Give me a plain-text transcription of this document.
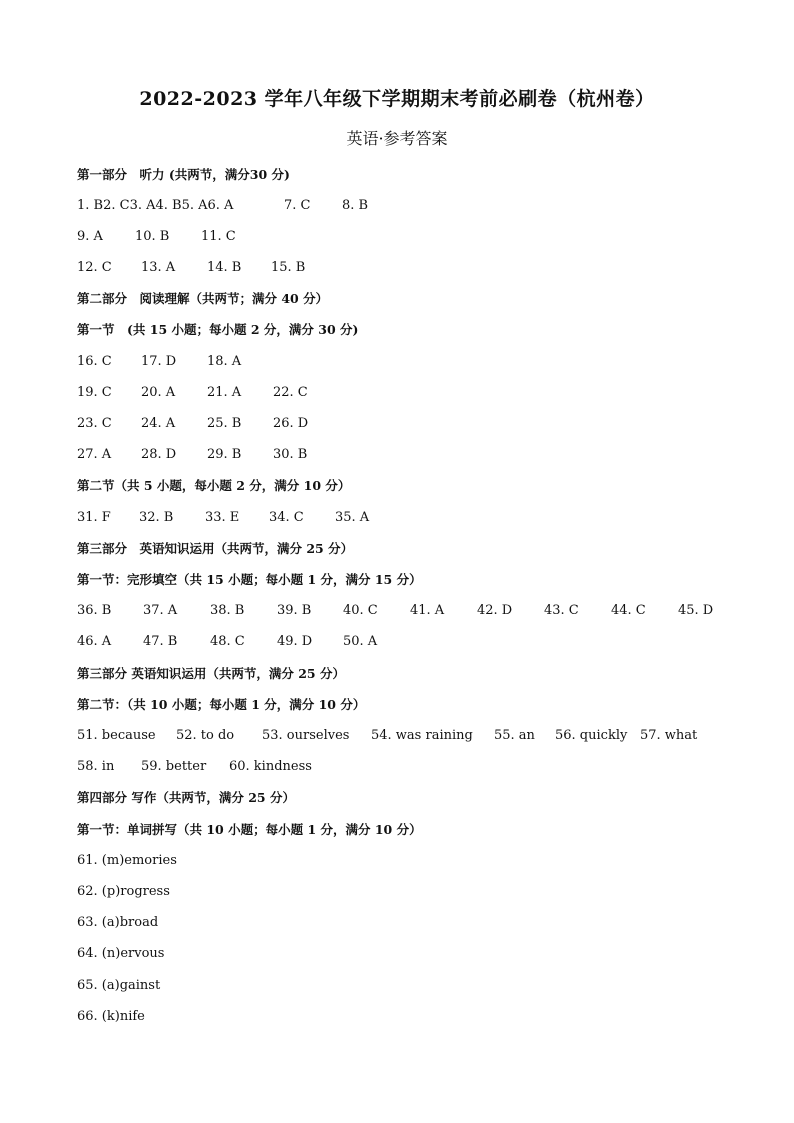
2022-2023 学年八年级下学期期末考前必刷卷（杭州卷）
英语·参考答案
第一部分　听力 (共两节，满分30 分)
1. B2. C3. A4. B5. A6. A	7. C 8. B
9. A 10. B 11. C
12. C 13. A 14. B 15. B
第二部分　阅读理解（共两节；满分 40 分）
第一节　(共 15 小题；每小题 2 分，满分 30 分)
16. C 17. D 18. A
19. C 20. A 21. A 22. C
23. C 24. A 25. B 26. D
27. A 28. D 29. B 30. B
第二节（共 5 小题，每小题 2 分，满分 10 分）
31. F 32. B 33. E 34. C 35. A
第三部分　英语知识运用（共两节，满分 25 分）
第一节：完形填空（共 15 小题；每小题 1 分，满分 15 分）
36. B 37. A	38. B	39. B 40. C 41. A	42. D 43. C 44. C 45. D
46. A 47. B	48. C 49. D 50. A
第三部分 英语知识运用（共两节，满分 25 分）
第二节：（共 10 小题；每小题 1 分，满分 10 分）
51. because 52. to do 53. ourselves 54. was raining 55. an 56. quickly 57. what
58. in 59. better 60. kindness
第四部分 写作（共两节，满分 25 分）
第一节：单词拼写（共 10 小题；每小题 1 分，满分 10 分）
61. (m)emories
62. (p)rogress
63. (a)broad
64. (n)ervous
65. (a)gainst
66. (k)nife
